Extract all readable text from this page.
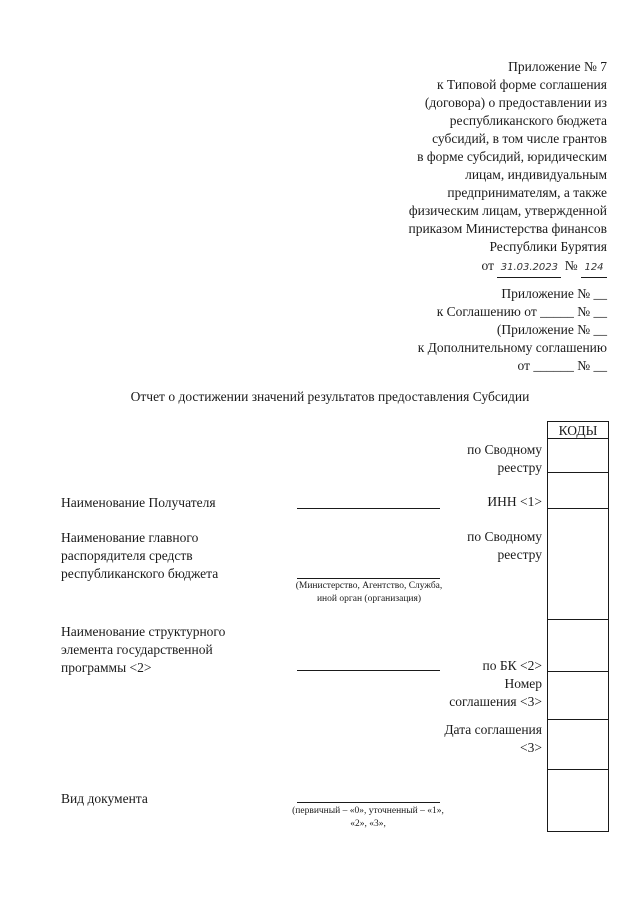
Приложение № 7
к Типовой форме соглашения
(договора) о предоставлении из
республиканского бюджета
субсидий, в том числе грантов
в форме субсидий, юридическим
лицам, индивидуальным
предпринимателям, а также
физическим лицам, утвержденной
приказом Министерства финансов
Республики Бурятия
от 31.03.2023 № 124
Приложение № __
к Соглашению от _____ № __
(Приложение № __
к Дополнительному соглашению
от ______ № __
Отчет о достижении значений результатов предоставления Субсидии
Наименование Получателя
Наименование главного распорядителя средств республиканского бюджета
Наименование структурного элемента государственной программы <2>
Вид документа
(Министерство, Агентство, Служба, иной орган (организация)
(первичный – «0», уточненный – «1», «2», «3»,
по Сводному реестру
ИНН <1>
по Сводному реестру
по БК <2>
Номер соглашения <3>
Дата соглашения <3>
КОДЫ
